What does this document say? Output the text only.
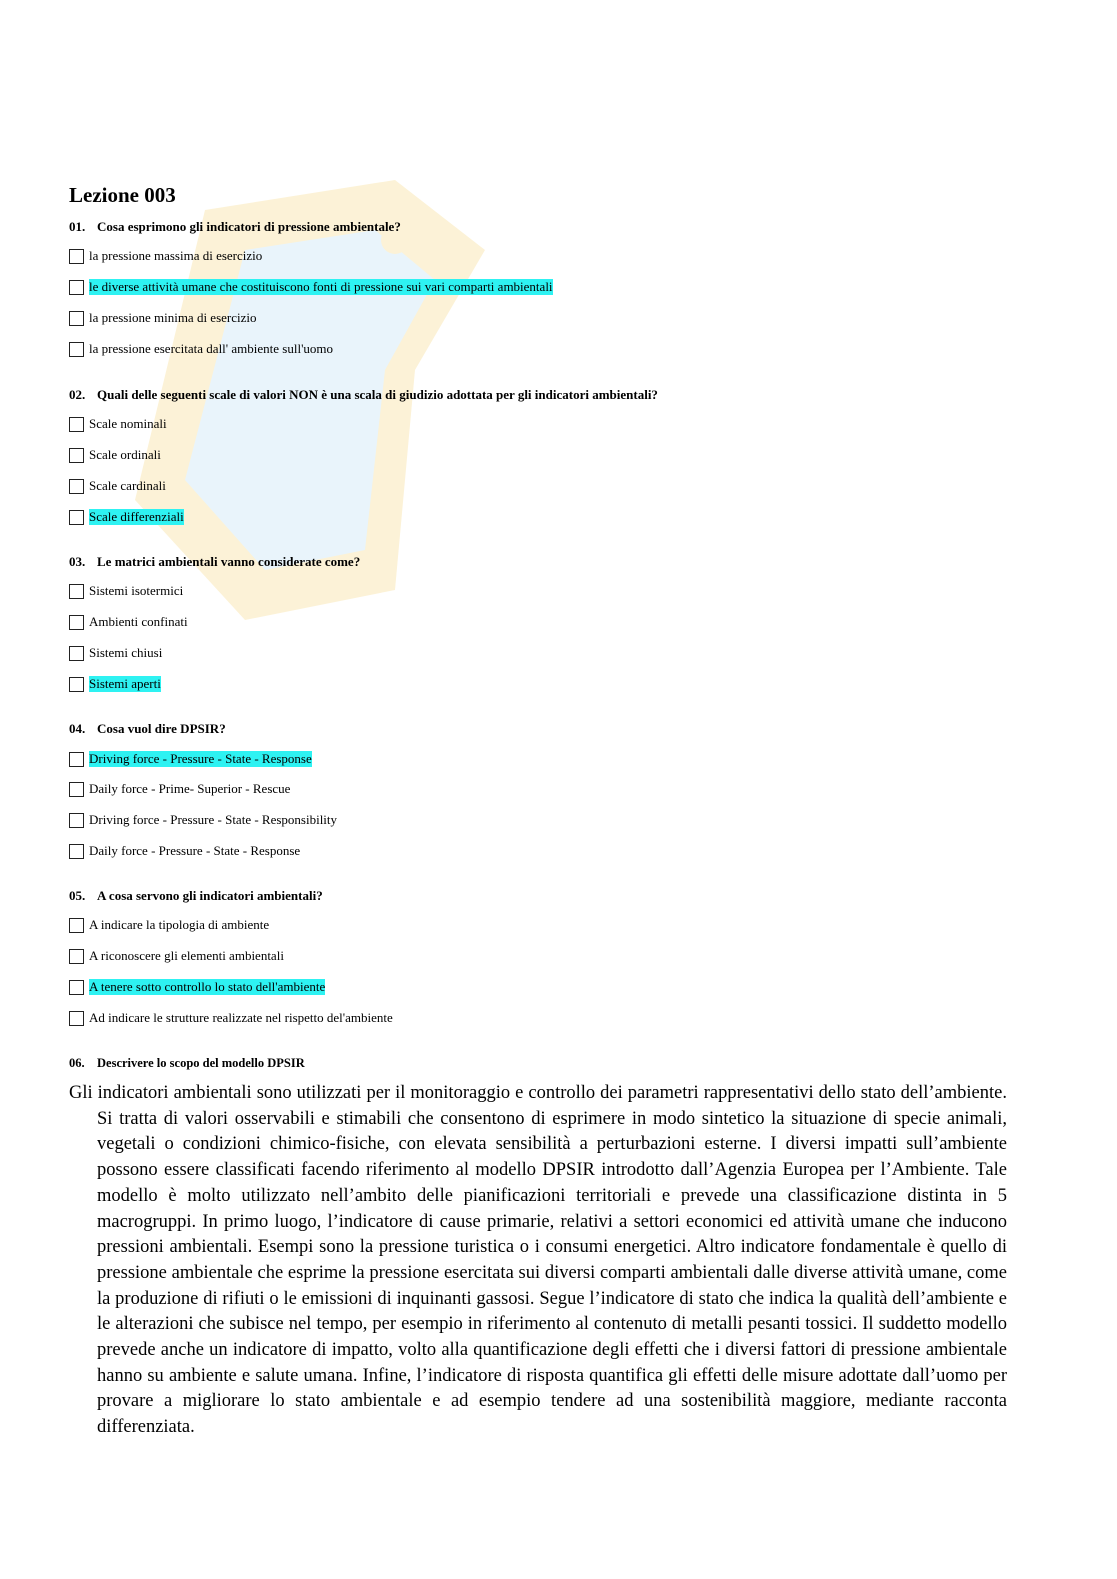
Lezione 003
01. Cosa esprimono gli indicatori di pressione ambientale?
la pressione massima di esercizio
le diverse attività umane che costituiscono fonti di pressione sui vari comparti ambientali
la pressione minima di esercizio
la pressione esercitata dall' ambiente sull'uomo
02. Quali delle seguenti scale di valori NON è una scala di giudizio adottata per gli indicatori ambientali?
Scale nominali
Scale ordinali
Scale cardinali
Scale differenziali
03. Le matrici ambientali vanno considerate come?
Sistemi isotermici
Ambienti confinati
Sistemi chiusi
Sistemi aperti
04. Cosa vuol dire DPSIR?
Driving force - Pressure - State - Response
Daily force - Prime- Superior - Rescue
Driving force - Pressure - State - Responsibility
Daily force - Pressure - State - Response
05. A cosa servono gli indicatori ambientali?
A indicare la tipologia di ambiente
A riconoscere gli elementi ambientali
A tenere sotto controllo lo stato dell'ambiente
Ad indicare le strutture realizzate nel rispetto del'ambiente
06. Descrivere lo scopo del modello DPSIR

Gli indicatori ambientali sono utilizzati per il monitoraggio e controllo dei parametri rappresentativi dello stato dell’ambiente. Si tratta di valori osservabili e stimabili che consentono di esprimere in modo sintetico la situazione di specie animali, vegetali o condizioni chimico-fisiche, con elevata sensibilità a perturbazioni esterne. I diversi impatti sull’ambiente possono essere classificati facendo riferimento al modello DPSIR introdotto dall’Agenzia Europea per l’Ambiente. Tale modello è molto utilizzato nell’ambito delle pianificazioni territoriali e prevede una classificazione distinta in 5 macrogruppi. In primo luogo, l’indicatore di cause primarie, relativi a settori economici ed attività umane che inducono pressioni ambientali. Esempi sono la pressione turistica o i consumi energetici. Altro indicatore fondamentale è quello di pressione ambientale che esprime la pressione esercitata sui diversi comparti ambientali dalle diverse attività umane, come la produzione di rifiuti o le emissioni di inquinanti gassosi. Segue l’indicatore di stato che indica la qualità dell’ambiente e le alterazioni che subisce nel tempo, per esempio in riferimento al contenuto di metalli pesanti tossici. Il suddetto modello prevede anche un indicatore di impatto, volto alla quantificazione degli effetti che i diversi fattori di pressione ambientale hanno su ambiente e salute umana. Infine, l’indicatore di risposta quantifica gli effetti delle misure adottate dall’uomo per provare a migliorare lo stato ambientale e ad esempio tendere ad una sostenibilità maggiore, mediante racconta differenziata.
